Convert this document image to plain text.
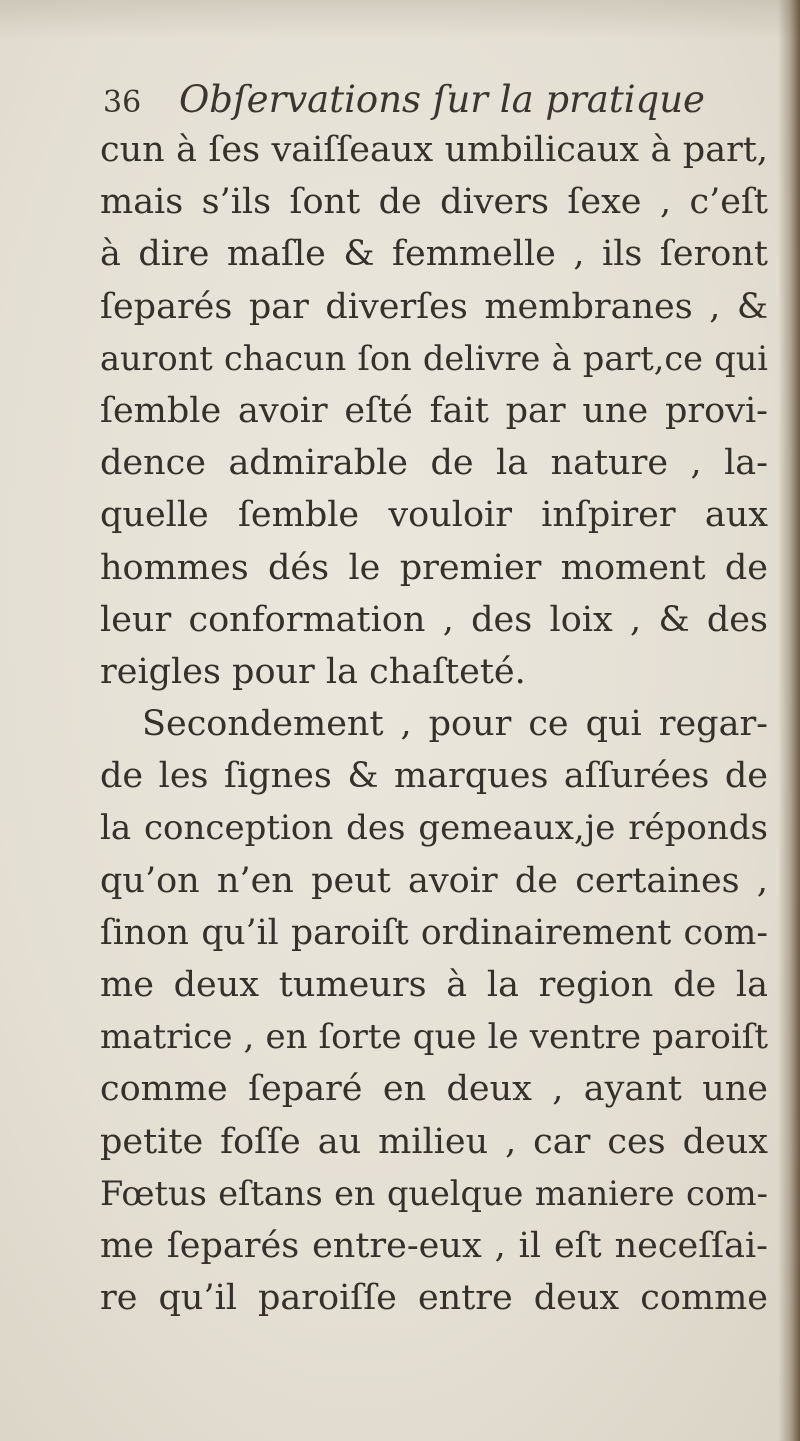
36 Obſervations ſur la pratique
cun à ſes vaiſſeaux umbilicaux à part,
mais s’ils ſont de divers ſexe , c’eſt
à dire maſle & femmelle , ils ſeront
ſeparés par diverſes membranes , &
auront chacun ſon delivre à part,ce qui
ſemble avoir eſté fait par une provi-
dence admirable de la nature , la-
quelle ſemble vouloir inſpirer aux
hommes dés le premier moment de
leur conformation , des loix , & des
reigles pour la chaſteté.
Secondement , pour ce qui regar-
de les ſignes & marques aſſurées de
la conception des gemeaux,je réponds
qu’on n’en peut avoir de certaines ,
ſinon qu’il paroiſt ordinairement com-
me deux tumeurs à la region de la
matrice , en ſorte que le ventre paroiſt
comme ſeparé en deux , ayant une
petite foſſe au milieu , car ces deux
Fœtus eſtans en quelque maniere com-
me ſeparés entre-eux , il eſt neceſſai-
re qu’il paroiſſe entre deux comme
